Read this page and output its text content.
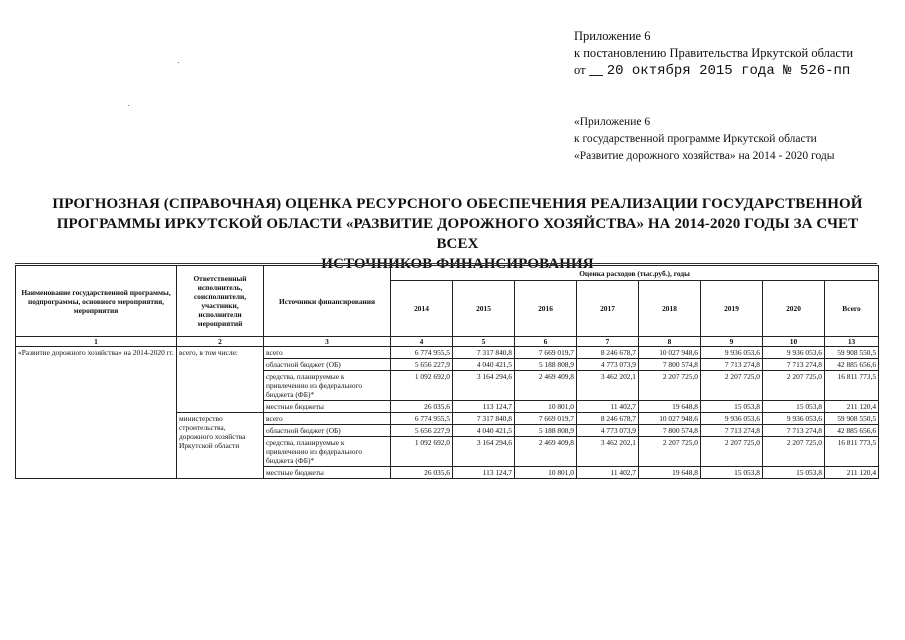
Приложение 6
к постановлению Правительства Иркутской области
от 20 октября 2015 года № 526-пп
«Приложение 6
к государственной программе Иркутской области
«Развитие дорожного хозяйства» на 2014 - 2020 годы
ПРОГНОЗНАЯ (СПРАВОЧНАЯ) ОЦЕНКА РЕСУРСНОГО ОБЕСПЕЧЕНИЯ РЕАЛИЗАЦИИ ГОСУДАРСТВЕННОЙ
ПРОГРАММЫ ИРКУТСКОЙ ОБЛАСТИ «РАЗВИТИЕ ДОРОЖНОГО ХОЗЯЙСТВА» НА 2014-2020 ГОДЫ ЗА СЧЕТ ВСЕХ
ИСТОЧНИКОВ ФИНАНСИРОВАНИЯ
Наименование государственной программы, подпрограммы, основного мероприятия, мероприятия	Ответственный исполнитель, соисполнители, участники, исполнители мероприятий	Источники финансирования	Оценка расходов (тыс.руб.), годы							
			2014	2015	2016	2017	2018	2019	2020	Всего
1	2	3	4	5	6	7	8	9	10	13
«Развитие дорожного хозяйства» на 2014-2020 гг.	всего, в том числе:	всего	6 774 955,5	7 317 840,8	7 669 019,7	8 246 678,7	10 027 948,6	9 936 053,6	9 936 053,6	59 908 550,5
		областной бюджет (ОБ)	5 656 227,9	4 040 421,5	5 188 808,9	4 773 073,9	7 800 574,8	7 713 274,8	7 713 274,8	42 885 656,6
		средства, планируемые к привлечению из федерального бюджета (ФБ)*	1 092 692,0	3 164 294,6	2 469 409,8	3 462 202,1	2 207 725,0	2 207 725,0	2 207 725,0	16 811 773,5
		местные бюджеты	26 035,6	113 124,7	10 801,0	11 402,7	19 648,8	15 053,8	15 053,8	211 120,4
	министерство строительства, дорожного хозяйства Иркутской области	всего	6 774 955,5	7 317 840,8	7 669 019,7	8 246 678,7	10 027 948,6	9 936 053,6	9 936 053,6	59 908 550,5
		областной бюджет (ОБ)	5 656 227,9	4 040 421,5	5 188 808,9	4 773 073,9	7 800 574,8	7 713 274,8	7 713 274,8	42 885 656,6
		средства, планируемые к привлечению из федерального бюджета (ФБ)*	1 092 692,0	3 164 294,6	2 469 409,8	3 462 202,1	2 207 725,0	2 207 725,0	2 207 725,0	16 811 773,5
		местные бюджеты	26 035,6	113 124,7	10 801,0	11 402,7	19 648,8	15 053,8	15 053,8	211 120,4
